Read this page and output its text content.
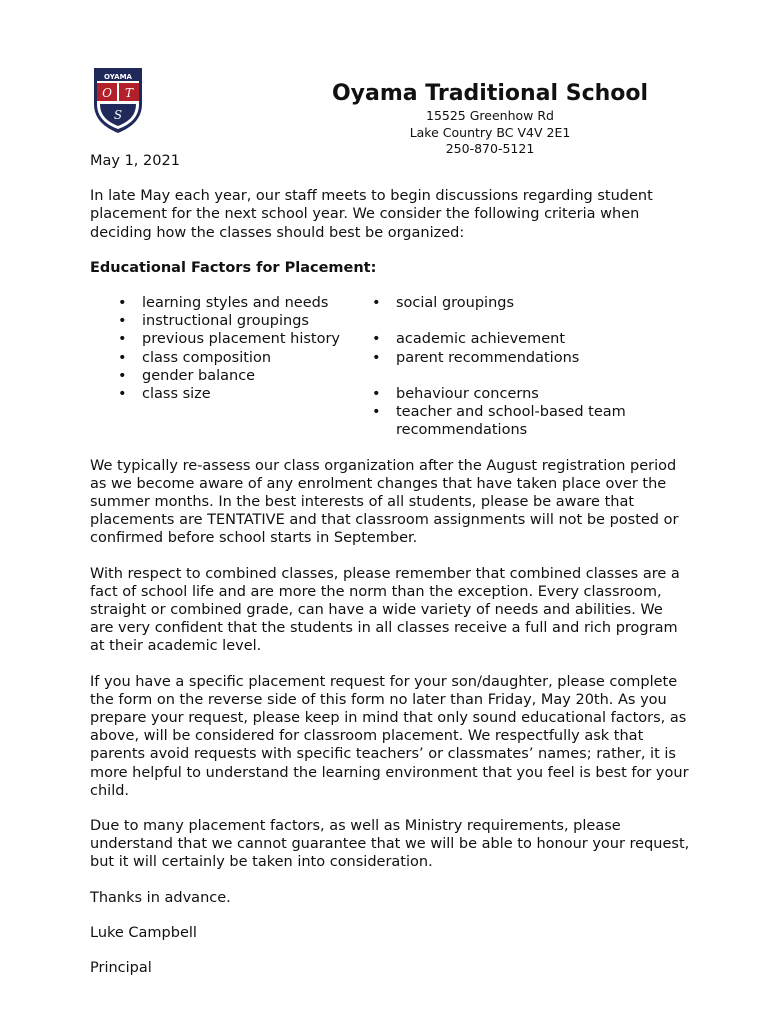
OYAMA
O T
S
Oyama Traditional School
15525 Greenhow Rd
Lake Country BC V4V 2E1
250-870-5121

May 1, 2021

In late May each year, our staff meets to begin discussions regarding student placement for the next school year. We consider the following criteria when deciding how the classes should best be organized:

Educational Factors for Placement:

• learning styles and needs
• instructional groupings
• previous placement history
• class composition
• gender balance
• class size
• social groupings
• academic achievement
• parent recommendations
• behaviour concerns
• teacher and school-based team recommendations

We typically re-assess our class organization after the August registration period as we become aware of any enrolment changes that have taken place over the summer months. In the best interests of all students, please be aware that placements are TENTATIVE and that classroom assignments will not be posted or confirmed before school starts in September.

With respect to combined classes, please remember that combined classes are a fact of school life and are more the norm than the exception. Every classroom, straight or combined grade, can have a wide variety of needs and abilities. We are very confident that the students in all classes receive a full and rich program at their academic level.

If you have a specific placement request for your son/daughter, please complete the form on the reverse side of this form no later than Friday, May 20th. As you prepare your request, please keep in mind that only sound educational factors, as above, will be considered for classroom placement. We respectfully ask that parents avoid requests with specific teachers’ or classmates’ names; rather, it is more helpful to understand the learning environment that you feel is best for your child.

Due to many placement factors, as well as Ministry requirements, please understand that we cannot guarantee that we will be able to honour your request, but it will certainly be taken into consideration.

Thanks in advance.

Luke Campbell

Principal
